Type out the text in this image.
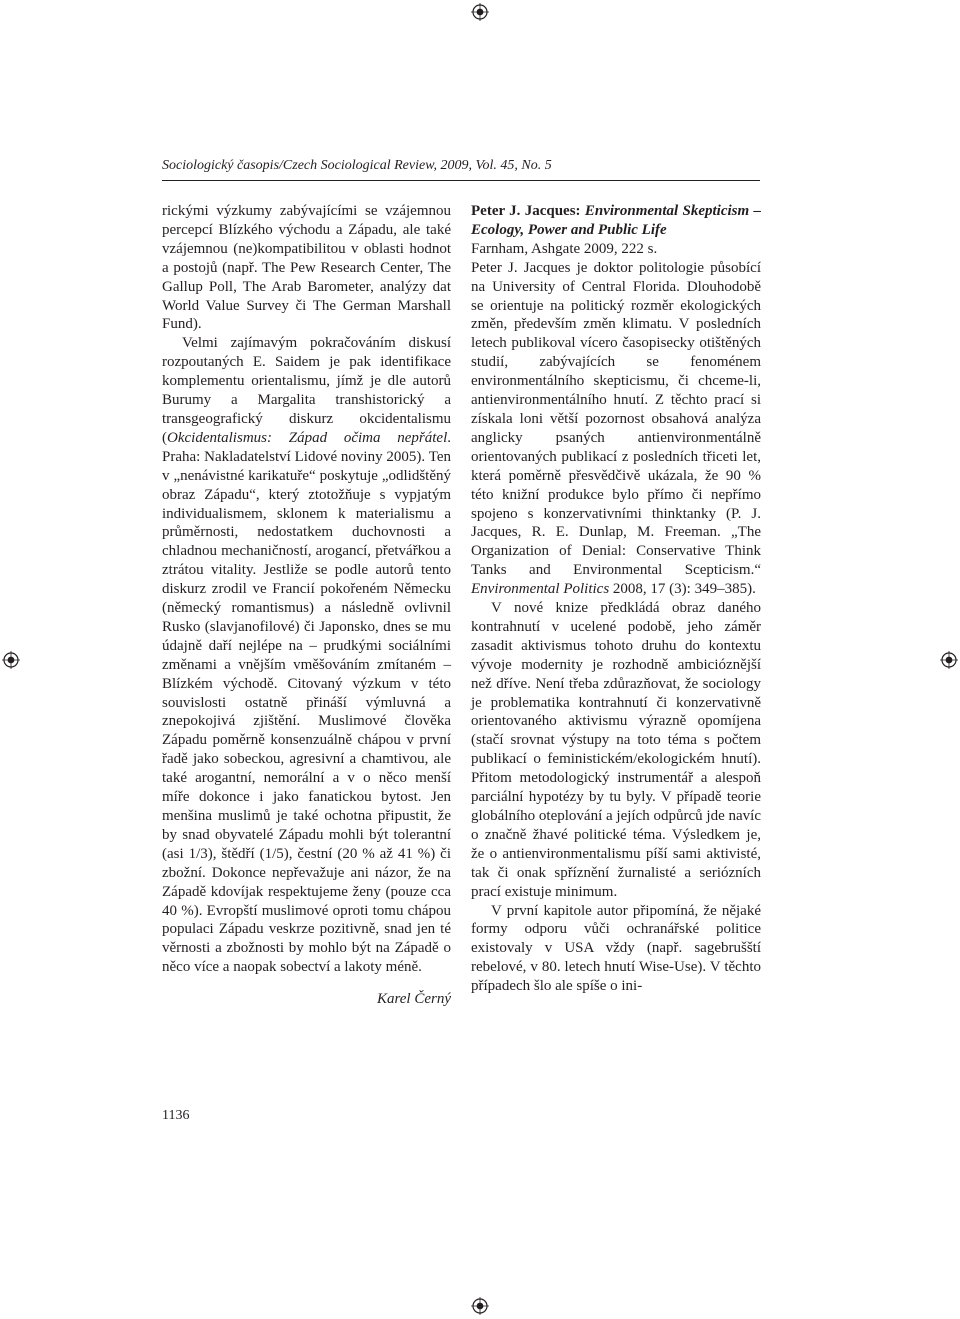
Sociologický časopis/Czech Sociological Review, 2009, Vol. 45, No. 5

rickými výzkumy zabývajícími se vzájemnou percepcí Blízkého východu a Západu, ale také vzájemnou (ne)kompatibilitou v oblasti hodnot a postojů (např. The Pew Research Center, The Gallup Poll, The Arab Barometer, analýzy dat World Value Survey či The German Marshall Fund).

Velmi zajímavým pokračováním diskusí rozpoutaných E. Saidem je pak identifikace komplementu orientalismu, jímž je dle autorů Burumy a Margalita transhistorický a transgeografický diskurz okcidentalismu (Okcidentalismus: Západ očima nepřátel. Praha: Nakladatelství Lidové noviny 2005). Ten v „nenávistné karikatuře“ poskytuje „odlidštěný obraz Západu“, který ztotožňuje s vypjatým individualismem, sklonem k materialismu a průměrnosti, nedostatkem duchovnosti a chladnou mechaničností, arogancí, přetvářkou a ztrátou vitality. Jestliže se podle autorů tento diskurz zrodil ve Francií pokořeném Německu (německý romantismus) a následně ovlivnil Rusko (slavjanofilové) či Japonsko, dnes se mu údajně daří nejlépe na – prudkými sociálními změnami a vnějším vměšováním zmítaném – Blízkém východě. Citovaný výzkum v této souvislosti ostatně přináší výmluvná a znepokojivá zjištění. Muslimové člověka Západu poměrně konsenzuálně chápou v první řadě jako sobeckou, agresivní a chamtivou, ale také arogantní, nemorální a v o něco menší míře dokonce i jako fanatickou bytost. Jen menšina muslimů je také ochotna připustit, že by snad obyvatelé Západu mohli být tolerantní (asi 1/3), štědří (1/5), čestní (20 % až 41 %) či zbožní. Dokonce nepřevažuje ani názor, že na Západě kdovíjak respektujeme ženy (pouze cca 40 %). Evropští muslimové oproti tomu chápou populaci Západu veskrze pozitivně, snad jen té věrnosti a zbožnosti by mohlo být na Západě o něco více a naopak sobectví a lakoty méně.

Karel Černý

Peter J. Jacques: Environmental Skepticism – Ecology, Power and Public Life

Farnham, Ashgate 2009, 222 s.

Peter J. Jacques je doktor politologie působící na University of Central Florida. Dlouhodobě se orientuje na politický rozměr ekologických změn, především změn klimatu. V posledních letech publikoval vícero časopisecky otištěných studií, zabývajících se fenoménem environmentálního skepticismu, či chceme-li, antienvironmentálního hnutí. Z těchto prací si získala loni větší pozornost obsahová analýza anglicky psaných antienvironmentálně orientovaných publikací z posledních třiceti let, která poměrně přesvědčivě ukázala, že 90 % této knižní produkce bylo přímo či nepřímo spojeno s konzervativními thinktanky (P. J. Jacques, R. E. Dunlap, M. Freeman. „The Organization of Denial: Conservative Think Tanks and Environmental Scepticism.“ Environmental Politics 2008, 17 (3): 349–385).

V nové knize předkládá obraz daného kontrahnutí v ucelené podobě, jeho záměr zasadit aktivismus tohoto druhu do kontextu vývoje modernity je rozhodně ambicióznější než dříve. Není třeba zdůrazňovat, že sociology je problematika kontrahnutí či konzervativně orientovaného aktivismu výrazně opomíjena (stačí srovnat výstupy na toto téma s počtem publikací o feministickém/ekologickém hnutí). Přitom metodologický instrumentář a alespoň parciální hypotézy by tu byly. V případě teorie globálního oteplování a jejích odpůrců jde navíc o značně žhavé politické téma. Výsledkem je, že o antienvironmentalismu píší sami aktivisté, tak či onak spříznění žurnalisté a seriózních prací existuje minimum.

V první kapitole autor připomíná, že nějaké formy odporu vůči ochranářské politice existovaly v USA vždy (např. sagebrušští rebelové, v 80. letech hnutí Wise-Use). V těchto případech šlo ale spíše o ini-

1136
